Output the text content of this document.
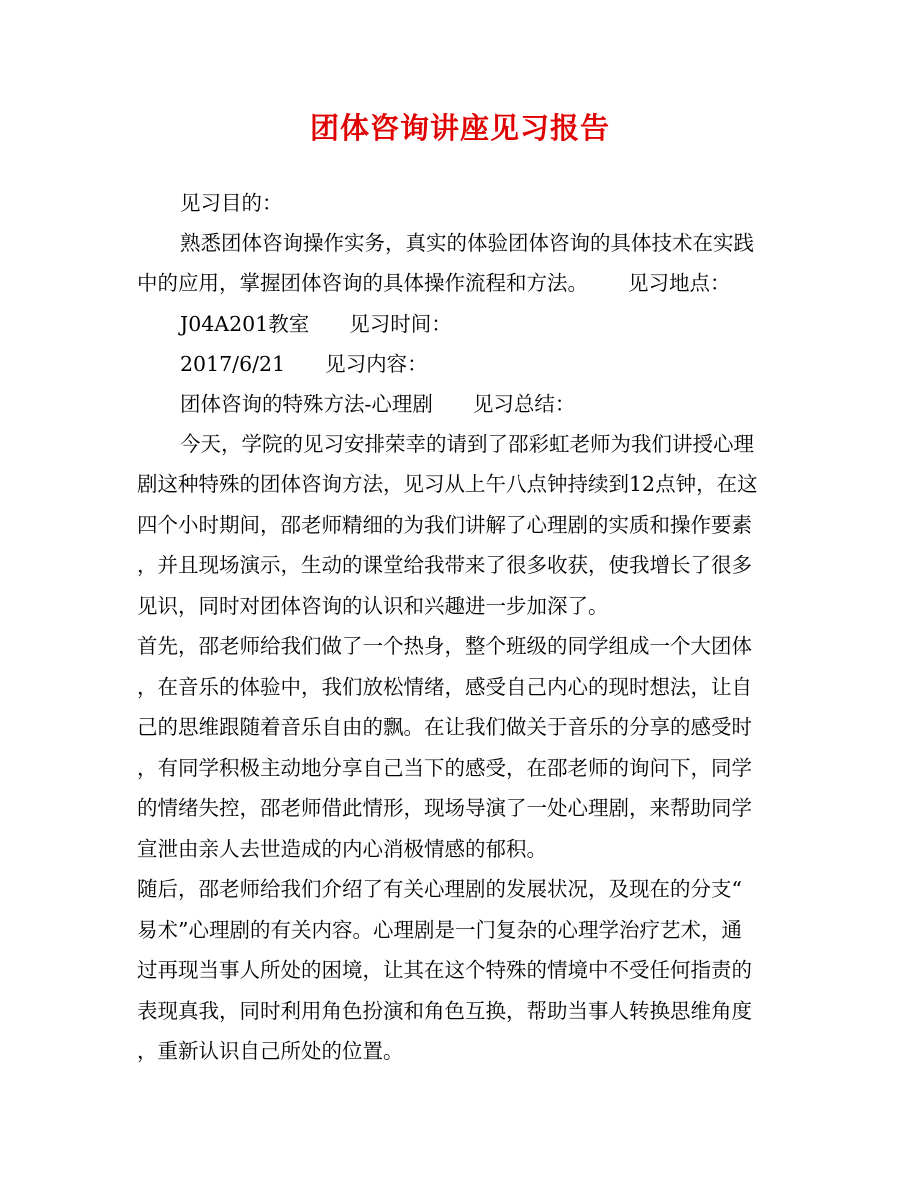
团体咨询讲座见习报告

见习目的：

熟悉团体咨询操作实务，真实的体验团体咨询的具体技术在实践

中的应用，掌握团体咨询的具体操作流程和方法。 见习地点：

J04A201教室 见习时间：

2017/6/21 见习内容：

团体咨询的特殊方法-心理剧 见习总结：

今天，学院的见习安排荣幸的请到了邵彩虹老师为我们讲授心理

剧这种特殊的团体咨询方法，见习从上午八点钟持续到12点钟，在这

四个小时期间，邵老师精细的为我们讲解了心理剧的实质和操作要素

，并且现场演示，生动的课堂给我带来了很多收获，使我增长了很多

见识，同时对团体咨询的认识和兴趣进一步加深了。

首先，邵老师给我们做了一个热身，整个班级的同学组成一个大团体

，在音乐的体验中，我们放松情绪，感受自己内心的现时想法，让自

己的思维跟随着音乐自由的飘。在让我们做关于音乐的分享的感受时

，有同学积极主动地分享自己当下的感受，在邵老师的询问下，同学

的情绪失控，邵老师借此情形，现场导演了一处心理剧，来帮助同学

宣泄由亲人去世造成的内心消极情感的郁积。

随后，邵老师给我们介绍了有关心理剧的发展状况，及现在的分支“

易术”心理剧的有关内容。心理剧是一门复杂的心理学治疗艺术，通

过再现当事人所处的困境，让其在这个特殊的情境中不受任何指责的

表现真我，同时利用角色扮演和角色互换，帮助当事人转换思维角度

，重新认识自己所处的位置。
